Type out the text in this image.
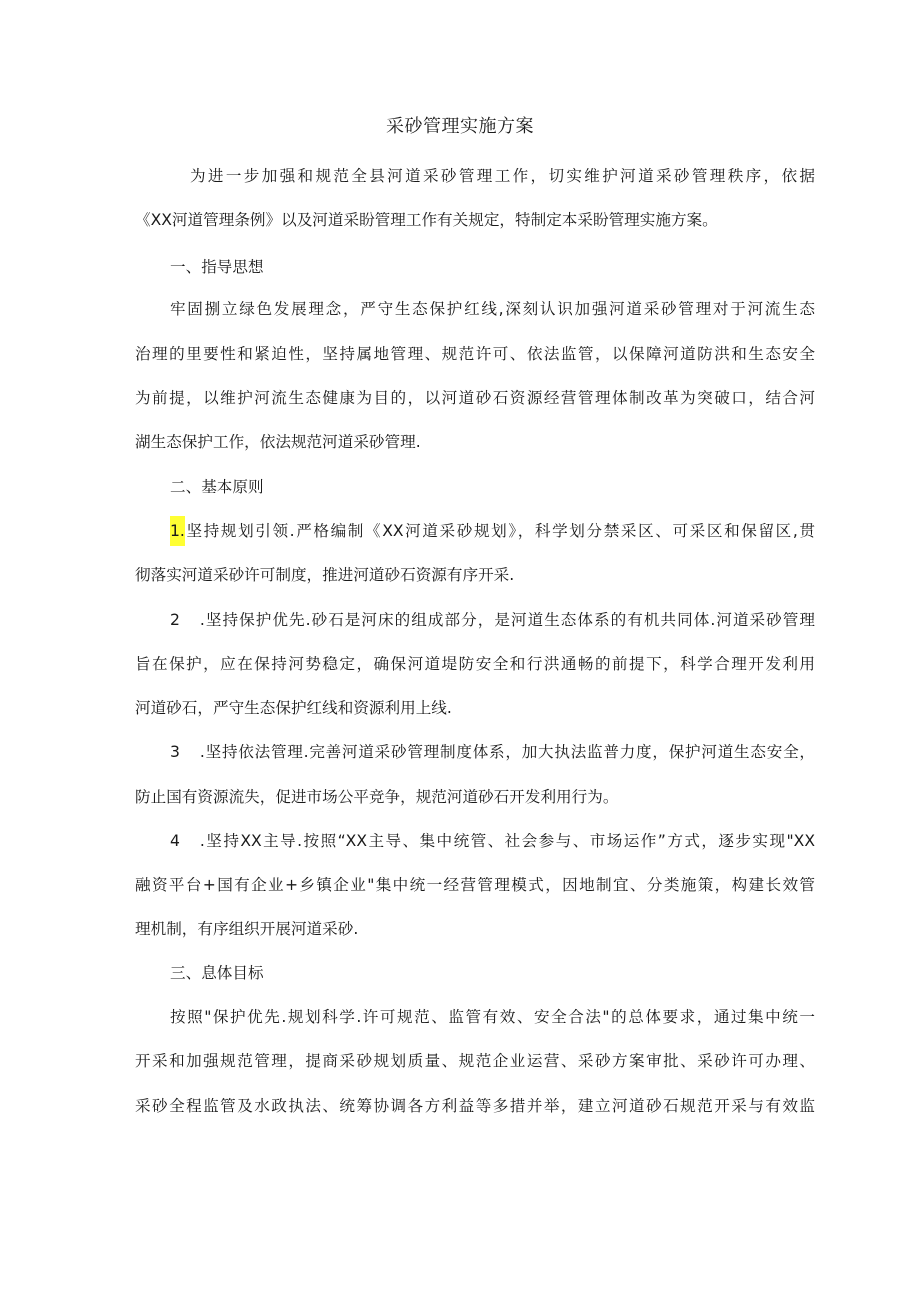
采砂管理实施方案
为进一步加强和规范全县河道采砂管理工作，切实维护河道采砂管理秩序，依据
《XX河道管理条例》以及河道采盼管理工作有关规定，特制定本采盼管理实施方案。
一、指导思想
牢固捌立绿色发展理念，严守生态保护红线,深刻认识加强河道采砂管理对于河流生态
治理的里要性和紧迫性，坚持属地管理、规范许可、依法监管，以保障河道防洪和生态安全
为前提，以维护河流生态健康为目的，以河道砂石资源经营管理体制改革为突破口，结合河
湖生态保护工作，依法规范河道采砂管理.
二、基本原则
1.坚持规划引领.严格编制《XX河道采砂规划》，科学划分禁采区、可采区和保留区,贯
彻落实河道采砂许可制度，推进河道砂石资源有序开采.
2 .坚持保护优先.砂石是河床的组成部分，是河道生态体系的有机共同体.河道采砂管理
旨在保护，应在保持河势稳定，确保河道堤防安全和行洪通畅的前提下，科学合理开发利用
河道砂石，严守生态保护红线和资源利用上线.
3 .坚持依法管理.完善河道采砂管理制度体系，加大执法监普力度，保护河道生态安全，
防止国有资源流失，促进市场公平竞争，规范河道砂石开发利用行为。
4 .坚持XX主导.按照“XX主导、集中统管、社会参与、市场运作”方式，逐步实现"XX
融资平台+国有企业+乡镇企业"集中统一经营管理模式，因地制宜、分类施策，构建长效管
理机制，有序组织开展河道采砂.
三、息体目标
按照"保护优先.规划科学.许可规范、监管有效、安全合法"的总体要求，通过集中统一
开采和加强规范管理，提商采砂规划质量、规范企业运营、采砂方案审批、采砂许可办理、
采砂全程监管及水政执法、统筹协调各方利益等多措并举，建立河道砂石规范开采与有效监
